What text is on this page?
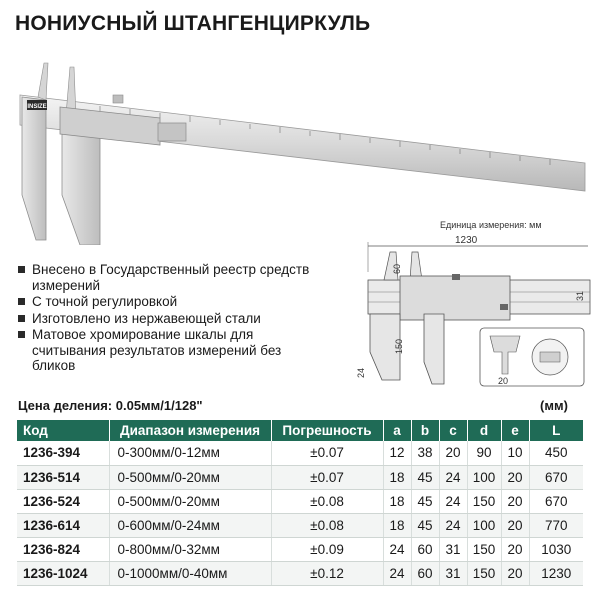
НОНИУСНЫЙ ШТАНГЕНЦИРКУЛЬ
INSIZE
Внесено в Государственный реестр средств измерений
С точной регулировкой
Изготовлено из нержавеющей стали
Матовое хромирование шкалы для считывания результатов измерений без бликов
Единица измерения: мм
1230
60
150
24
31
20
Цена деления: 0.05мм/1/128"	(мм)
Код	Диапазон измерения	Погрешность	a	b	c	d	e	L
1236-394	0-300мм/0-12мм	±0.07	12	38	20	90	10	450
1236-514	0-500мм/0-20мм	±0.07	18	45	24	100	20	670
1236-524	0-500мм/0-20мм	±0.08	18	45	24	150	20	670
1236-614	0-600мм/0-24мм	±0.08	18	45	24	100	20	770
1236-824	0-800мм/0-32мм	±0.09	24	60	31	150	20	1030
1236-1024	0-1000мм/0-40мм	±0.12	24	60	31	150	20	1230
